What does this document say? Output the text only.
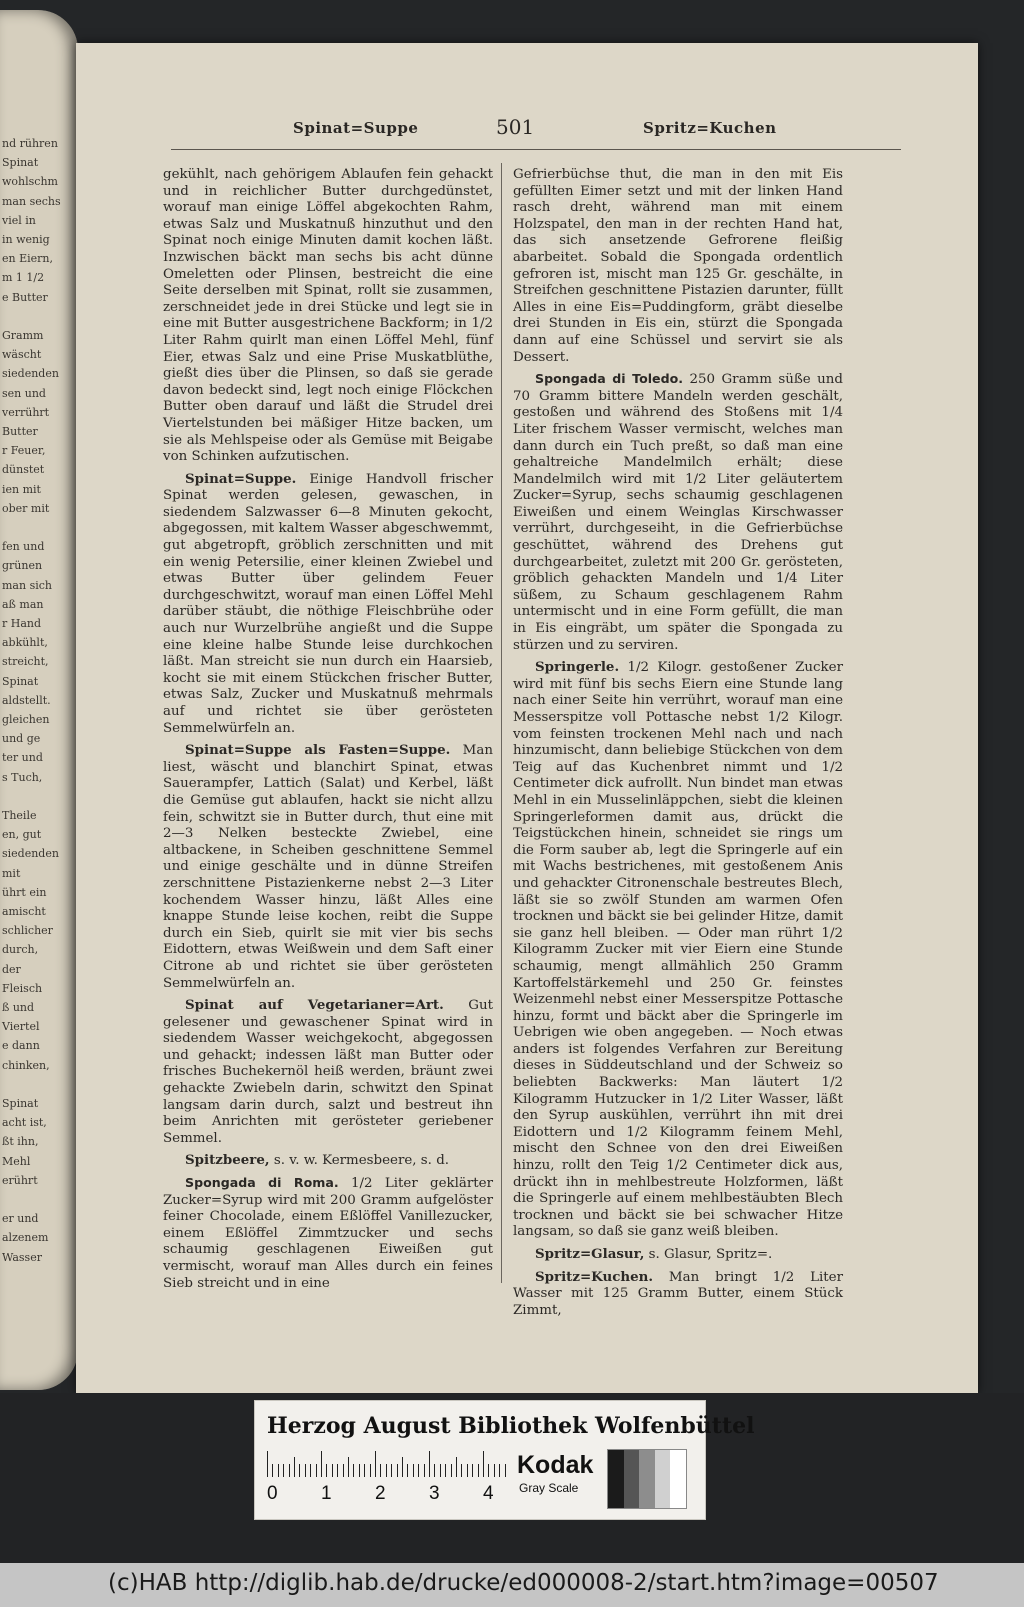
nd rühren
Spinat
wohlschm
man sechs
viel in
in wenig
en Eiern,
m 1 1/2
e Butter
Gramm
wäscht
siedenden
sen und
verrührt
Butter
r Feuer,
dünstet
ien mit
ober mit
fen und
grünen
man sich
aß man
r Hand
abkühlt,
streicht,
Spinat
aldstellt.
gleichen
und ge
ter und
s Tuch,
Theile
en, gut
siedenden
mit
ührt ein
amischt
schlicher
durch,
der
Fleisch
ß und
Viertel
e dann
chinken,
Spinat
acht ist,
ßt ihn,
Mehl
erührt
er und
alzenem
Wasser
Spinat=Suppe	501	Spritz=Kuchen

gekühlt, nach gehörigem Ablaufen fein gehackt und in reichlicher Butter durchgedünstet, worauf man einige Löffel abgekochten Rahm, etwas Salz und Muskatnuß hinzuthut und den Spinat noch einige Minuten damit kochen läßt. Inzwischen bäckt man sechs bis acht dünne Omeletten oder Plinsen, bestreicht die eine Seite derselben mit Spinat, rollt sie zusammen, zerschneidet jede in drei Stücke und legt sie in eine mit Butter ausgestrichene Backform; in 1/2 Liter Rahm quirlt man einen Löffel Mehl, fünf Eier, etwas Salz und eine Prise Muskatblüthe, gießt dies über die Plinsen, so daß sie gerade davon bedeckt sind, legt noch einige Flöckchen Butter oben darauf und läßt die Strudel drei Viertelstunden bei mäßiger Hitze backen, um sie als Mehlspeise oder als Gemüse mit Beigabe von Schinken aufzutischen.

Spinat=Suppe. Einige Handvoll frischer Spinat werden gelesen, gewaschen, in siedendem Salzwasser 6—8 Minuten gekocht, abgegossen, mit kaltem Wasser abgeschwemmt, gut abgetropft, gröblich zerschnitten und mit ein wenig Petersilie, einer kleinen Zwiebel und etwas Butter über gelindem Feuer durchgeschwitzt, worauf man einen Löffel Mehl darüber stäubt, die nöthige Fleischbrühe oder auch nur Wurzelbrühe angießt und die Suppe eine kleine halbe Stunde leise durchkochen läßt. Man streicht sie nun durch ein Haarsieb, kocht sie mit einem Stückchen frischer Butter, etwas Salz, Zucker und Muskatnuß mehrmals auf und richtet sie über gerösteten Semmelwürfeln an.

Spinat=Suppe als Fasten=Suppe. Man liest, wäscht und blanchirt Spinat, etwas Sauerampfer, Lattich (Salat) und Kerbel, läßt die Gemüse gut ablaufen, hackt sie nicht allzu fein, schwitzt sie in Butter durch, thut eine mit 2—3 Nelken besteckte Zwiebel, eine altbackene, in Scheiben geschnittene Semmel und einige geschälte und in dünne Streifen zerschnittene Pistazienkerne nebst 2—3 Liter kochendem Wasser hinzu, läßt Alles eine knappe Stunde leise kochen, reibt die Suppe durch ein Sieb, quirlt sie mit vier bis sechs Eidottern, etwas Weißwein und dem Saft einer Citrone ab und richtet sie über gerösteten Semmelwürfeln an.

Spinat auf Vegetarianer=Art. Gut gelesener und gewaschener Spinat wird in siedendem Wasser weichgekocht, abgegossen und gehackt; indessen läßt man Butter oder frisches Buchekernöl heiß werden, bräunt zwei gehackte Zwiebeln darin, schwitzt den Spinat langsam darin durch, salzt und bestreut ihn beim Anrichten mit gerösteter geriebener Semmel.

Spitzbeere, s. v. w. Kermesbeere, s. d.

Spongada di Roma. 1/2 Liter geklärter Zucker=Syrup wird mit 200 Gramm aufgelöster feiner Chocolade, einem Eßlöffel Vanillezucker, einem Eßlöffel Zimmtzucker und sechs schaumig geschlagenen Eiweißen gut vermischt, worauf man Alles durch ein feines Sieb streicht und in eine

Gefrierbüchse thut, die man in den mit Eis gefüllten Eimer setzt und mit der linken Hand rasch dreht, während man mit einem Holzspatel, den man in der rechten Hand hat, das sich ansetzende Gefrorene fleißig abarbeitet. Sobald die Spongada ordentlich gefroren ist, mischt man 125 Gr. geschälte, in Streifchen geschnittene Pistazien darunter, füllt Alles in eine Eis=Puddingform, gräbt dieselbe drei Stunden in Eis ein, stürzt die Spongada dann auf eine Schüssel und servirt sie als Dessert.

Spongada di Toledo. 250 Gramm süße und 70 Gramm bittere Mandeln werden geschält, gestoßen und während des Stoßens mit 1/4 Liter frischem Wasser vermischt, welches man dann durch ein Tuch preßt, so daß man eine gehaltreiche Mandelmilch erhält; diese Mandelmilch wird mit 1/2 Liter geläutertem Zucker=Syrup, sechs schaumig geschlagenen Eiweißen und einem Weinglas Kirschwasser verrührt, durchgeseiht, in die Gefrierbüchse geschüttet, während des Drehens gut durchgearbeitet, zuletzt mit 200 Gr. gerösteten, gröblich gehackten Mandeln und 1/4 Liter süßem, zu Schaum geschlagenem Rahm untermischt und in eine Form gefüllt, die man in Eis eingräbt, um später die Spongada zu stürzen und zu serviren.

Springerle. 1/2 Kilogr. gestoßener Zucker wird mit fünf bis sechs Eiern eine Stunde lang nach einer Seite hin verrührt, worauf man eine Messerspitze voll Pottasche nebst 1/2 Kilogr. vom feinsten trockenen Mehl nach und nach hinzumischt, dann beliebige Stückchen von dem Teig auf das Kuchenbret nimmt und 1/2 Centimeter dick aufrollt. Nun bindet man etwas Mehl in ein Musselinläppchen, siebt die kleinen Springerleformen damit aus, drückt die Teigstückchen hinein, schneidet sie rings um die Form sauber ab, legt die Springerle auf ein mit Wachs bestrichenes, mit gestoßenem Anis und gehackter Citronenschale bestreutes Blech, läßt sie so zwölf Stunden am warmen Ofen trocknen und bäckt sie bei gelinder Hitze, damit sie ganz hell bleiben. — Oder man rührt 1/2 Kilogramm Zucker mit vier Eiern eine Stunde schaumig, mengt allmählich 250 Gramm Kartoffelstärkemehl und 250 Gr. feinstes Weizenmehl nebst einer Messerspitze Pottasche hinzu, formt und bäckt aber die Springerle im Uebrigen wie oben angegeben. — Noch etwas anders ist folgendes Verfahren zur Bereitung dieses in Süddeutschland und der Schweiz so beliebten Backwerks: Man läutert 1/2 Kilogramm Hutzucker in 1/2 Liter Wasser, läßt den Syrup auskühlen, verrührt ihn mit drei Eidottern und 1/2 Kilogramm feinem Mehl, mischt den Schnee von den drei Eiweißen hinzu, rollt den Teig 1/2 Centimeter dick aus, drückt ihn in mehlbestreute Holzformen, läßt die Springerle auf einem mehlbestäubten Blech trocknen und bäckt sie bei schwacher Hitze langsam, so daß sie ganz weiß bleiben.

Spritz=Glasur, s. Glasur, Spritz=.

Spritz=Kuchen. Man bringt 1/2 Liter Wasser mit 125 Gramm Butter, einem Stück Zimmt,

Herzog August Bibliothek Wolfenbüttel
0 1 2 3 4
Kodak
Gray Scale
(c)HAB http://diglib.hab.de/drucke/ed000008-2/start.htm?image=00507
